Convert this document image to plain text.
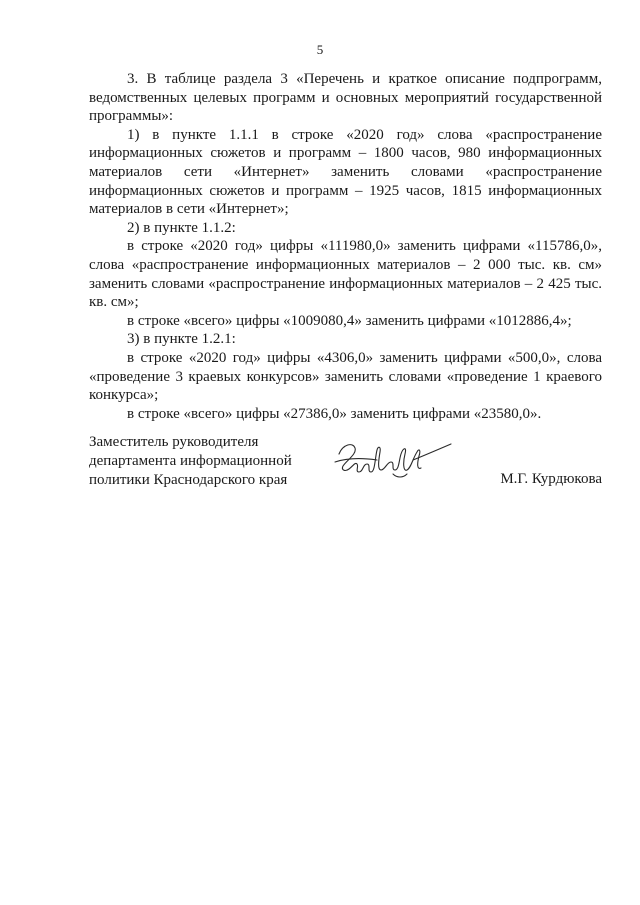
5

3. В таблице раздела 3 «Перечень и краткое описание подпрограмм, ведомственных целевых программ и основных мероприятий государственной программы»:

1) в пункте 1.1.1 в строке «2020 год» слова «распространение информационных сюжетов и программ – 1800 часов, 980 информационных материалов сети «Интернет» заменить словами «распространение информационных сюжетов и программ – 1925 часов, 1815 информационных материалов в сети «Интернет»;

2) в пункте 1.1.2:

в строке «2020 год» цифры «111980,0» заменить цифрами «115786,0», слова «распространение информационных материалов – 2 000 тыс. кв. см» заменить словами «распространение информационных материалов – 2 425 тыс. кв. см»;

в строке «всего» цифры «1009080,4» заменить цифрами «1012886,4»;

3) в пункте 1.2.1:

в строке «2020 год» цифры «4306,0» заменить цифрами «500,0», слова «проведение 3 краевых конкурсов» заменить словами «проведение 1 краевого конкурса»;

в строке «всего» цифры «27386,0» заменить цифрами «23580,0».

Заместитель руководителя
департамента информационной
политики Краснодарского края	М.Г. Курдюкова
